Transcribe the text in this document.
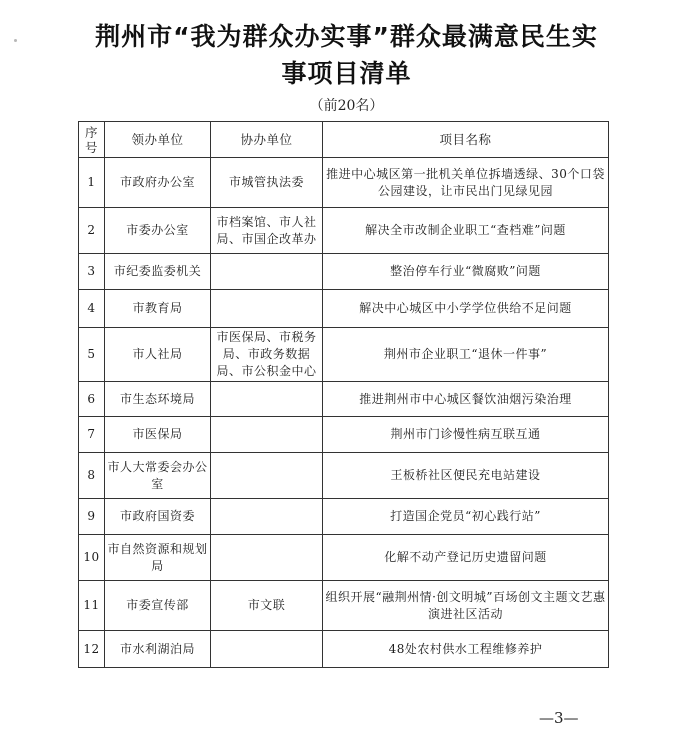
荆州市“我为群众办实事”群众最满意民生实
事项目清单
（前20名）
序号	领办单位	协办单位	项目名称
1	市政府办公室	市城管执法委	推进中心城区第一批机关单位拆墙透绿、30个口袋公园建设，让市民出门见绿见园
2	市委办公室	市档案馆、市人社局、市国企改革办	解决全市改制企业职工“查档难”问题
3	市纪委监委机关		整治停车行业“微腐败”问题
4	市教育局		解决中心城区中小学学位供给不足问题
5	市人社局	市医保局、市税务局、市政务数据局、市公积金中心	荆州市企业职工“退休一件事”
6	市生态环境局		推进荆州市中心城区餐饮油烟污染治理
7	市医保局		荆州市门诊慢性病互联互通
8	市人大常委会办公室		王板桥社区便民充电站建设
9	市政府国资委		打造国企党员“初心践行站”
10	市自然资源和规划局		化解不动产登记历史遗留问题
11	市委宣传部	市文联	组织开展“融荆州情·创文明城”百场创文主题文艺惠演进社区活动
12	市水利湖泊局		48处农村供水工程维修养护
—3—
